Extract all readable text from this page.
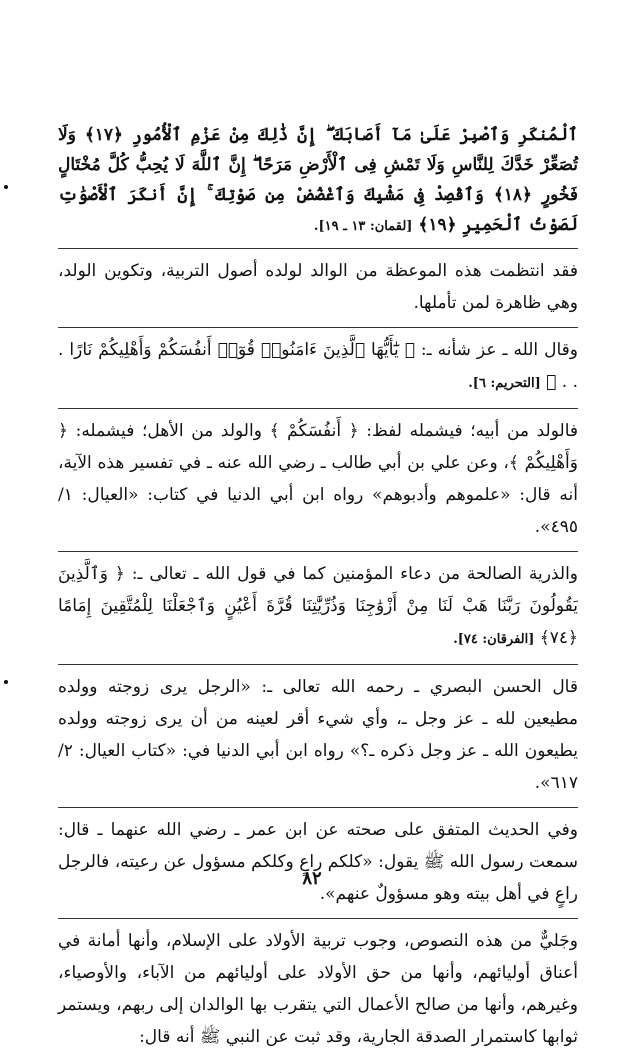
ٱلْمُنكَرِ وَٱصْبِرْ عَلَىٰ مَآ أَصَابَكَ ۖ إِنَّ ذَٰلِكَ مِنْ عَزْمِ ٱلْأُمُورِ ﴿١٧﴾ وَلَا تُصَعِّرْ خَدَّكَ لِلنَّاسِ وَلَا تَمْشِ فِى ٱلْأَرْضِ مَرَحًا ۖ إِنَّ ٱللَّهَ لَا يُحِبُّ كُلَّ مُخْتَالٍ فَخُورٍ ﴿١٨﴾ وَٱقْصِدْ فِى مَشْيِكَ وَٱغْضُضْ مِن صَوْتِكَ ۚ إِنَّ أَنكَرَ ٱلْأَصْوَٰتِ لَصَوْتُ ٱلْحَمِيرِ ﴿١٩﴾ [لقمان: ١٣ ـ ١٩].

فقد انتظمت هذه الموعظة من الوالد لولده أصول التربية، وتكوين الولد، وهي ظاهرة لمن تأملها.

وقال الله ـ عز شأنه ـ: ﴿ يَٰٓأَيُّهَا ٱلَّذِينَ ءَامَنُوا۟ قُوٓا۟ أَنفُسَكُمْ وَأَهْلِيكُمْ نَارًا . . . ﴾ [التحريم: ٦].

فالولد من أبيه؛ فيشمله لفظ: ﴿ أَنفُسَكُمْ ﴾ والولد من الأهل؛ فيشمله: ﴿ وَأَهْلِيكُمْ ﴾، وعن علي بن أبي طالب ـ رضي الله عنه ـ في تفسير هذه الآية، أنه قال: «علموهم وأدبوهم» رواه ابن أبي الدنيا في كتاب: «العيال: ١/ ٤٩٥».

والذرية الصالحة من دعاء المؤمنين كما في قول الله ـ تعالى ـ: ﴿ وَٱلَّذِينَ يَقُولُونَ رَبَّنَا هَبْ لَنَا مِنْ أَزْوَٰجِنَا وَذُرِّيَّٰتِنَا قُرَّةَ أَعْيُنٍ وَٱجْعَلْنَا لِلْمُتَّقِينَ إِمَامًا ﴿٧٤﴾ [الفرقان: ٧٤].

قال الحسن البصري ـ رحمه الله تعالى ـ: «الرجل يرى زوجته وولده مطيعين لله ـ عز وجل ـ، وأي شيء أقر لعينه من أن يرى زوجته وولده يطيعون الله ـ عز وجل ذكره ـ؟» رواه ابن أبي الدنيا في: «كتاب العيال: ٢/ ٦١٧».

وفي الحديث المتفق على صحته عن ابن عمر ـ رضي الله عنهما ـ قال: سمعت رسول الله ﷺ يقول: «كلكم راعٍ وكلكم مسؤول عن رعيته، فالرجل راعٍ في أهل بيته وهو مسؤولٌ عنهم».

وجَليٌّ من هذه النصوص، وجوب تربية الأولاد على الإسلام، وأنها أمانة في أعناق أوليائهم، وأنها من حق الأولاد على أوليائهم من الآباء، والأوصياء، وغيرهم، وأنها من صالح الأعمال التي يتقرب بها الوالدان إلى ربهم، ويستمر ثوابها كاستمرار الصدقة الجارية، وقد ثبت عن النبي ﷺ أنه قال:

٨٢
